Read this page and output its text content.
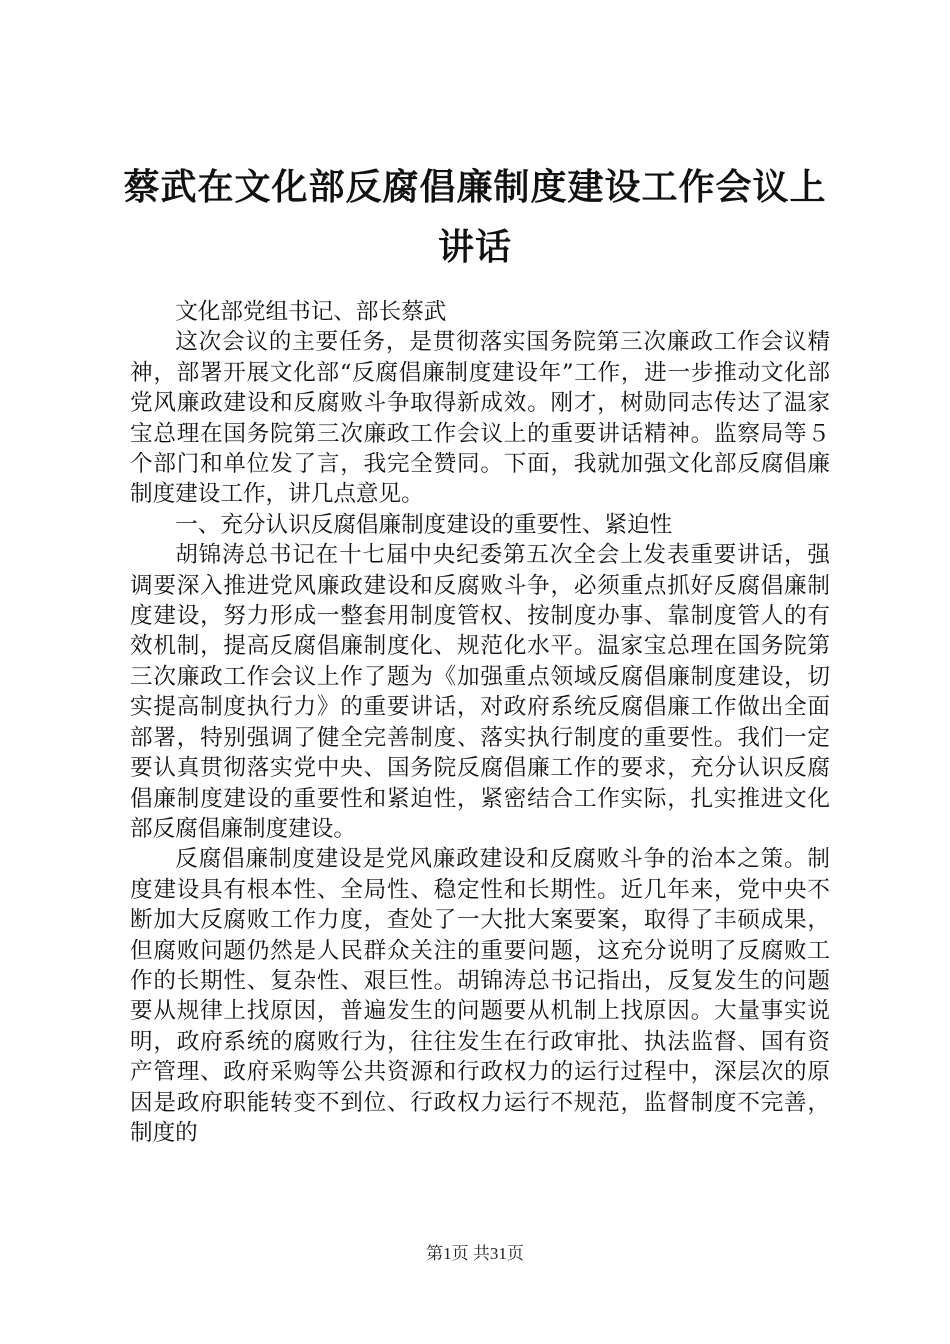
蔡武在文化部反腐倡廉制度建设工作会议上讲话

文化部党组书记、部长蔡武

这次会议的主要任务，是贯彻落实国务院第三次廉政工作会议精神，部署开展文化部“反腐倡廉制度建设年”工作，进一步推动文化部党风廉政建设和反腐败斗争取得新成效。刚才，树勋同志传达了温家宝总理在国务院第三次廉政工作会议上的重要讲话精神。监察局等５个部门和单位发了言，我完全赞同。下面，我就加强文化部反腐倡廉制度建设工作，讲几点意见。

一、充分认识反腐倡廉制度建设的重要性、紧迫性

胡锦涛总书记在十七届中央纪委第五次全会上发表重要讲话，强调要深入推进党风廉政建设和反腐败斗争，必须重点抓好反腐倡廉制度建设，努力形成一整套用制度管权、按制度办事、靠制度管人的有效机制，提高反腐倡廉制度化、规范化水平。温家宝总理在国务院第三次廉政工作会议上作了题为《加强重点领域反腐倡廉制度建设，切实提高制度执行力》的重要讲话，对政府系统反腐倡廉工作做出全面部署，特别强调了健全完善制度、落实执行制度的重要性。我们一定要认真贯彻落实党中央、国务院反腐倡廉工作的要求，充分认识反腐倡廉制度建设的重要性和紧迫性，紧密结合工作实际，扎实推进文化部反腐倡廉制度建设。

反腐倡廉制度建设是党风廉政建设和反腐败斗争的治本之策。制度建设具有根本性、全局性、稳定性和长期性。近几年来，党中央不断加大反腐败工作力度，查处了一大批大案要案，取得了丰硕成果，但腐败问题仍然是人民群众关注的重要问题，这充分说明了反腐败工作的长期性、复杂性、艰巨性。胡锦涛总书记指出，反复发生的问题要从规律上找原因，普遍发生的问题要从机制上找原因。大量事实说明，政府系统的腐败行为，往往发生在行政审批、执法监督、国有资产管理、政府采购等公共资源和行政权力的运行过程中，深层次的原因是政府职能转变不到位、行政权力运行不规范，监督制度不完善，制度的

第1页 共31页
